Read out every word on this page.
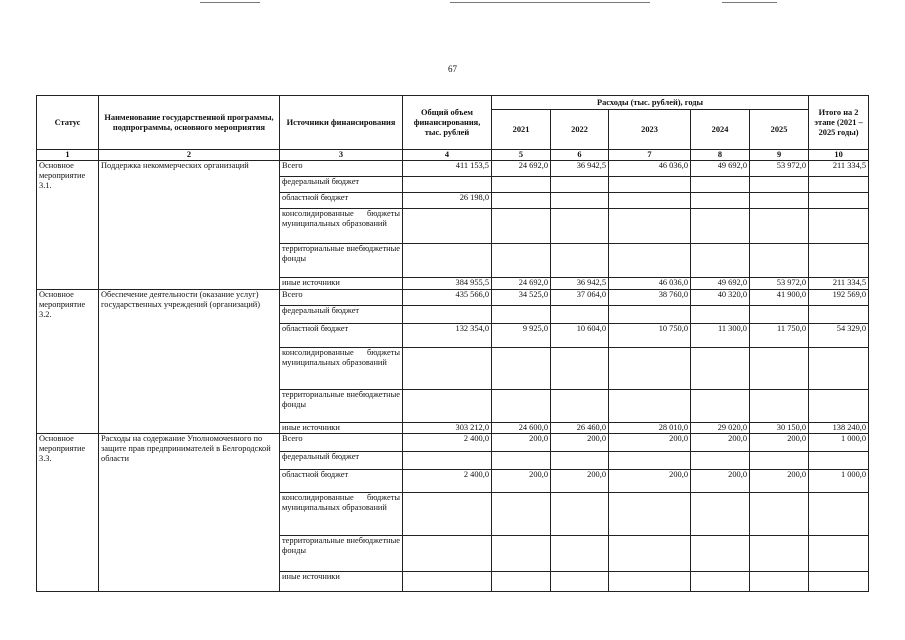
67
Статус	Наименование государственной программы, подпрограммы, основного мероприятия	Источники финансирования	Общий объем финансирования, тыс. рублей	Расходы (тыс. рублей), годы					Итого на 2 этапе (2021 – 2025 годы)
				2021	2022	2023	2024	2025	
1	2	3	4	5	6	7	8	9	10
Основное мероприятие 3.1.	Поддержка некоммерческих организаций	Всего	411 153,5	24 692,0	36 942,5	46 036,0	49 692,0	53 972,0	211 334,5
		федеральный бюджет							
		областной бюджет	26 198,0						
		консолидированные бюджеты муниципальных образований							
		территориальные внебюджетные фонды							
		иные источники	384 955,5	24 692,0	36 942,5	46 036,0	49 692,0	53 972,0	211 334,5
Основное мероприятие 3.2.	Обеспечение деятельности (оказание услуг) государственных учреждений (организаций)	Всего	435 566,0	34 525,0	37 064,0	38 760,0	40 320,0	41 900,0	192 569,0
		федеральный бюджет							
		областной бюджет	132 354,0	9 925,0	10 604,0	10 750,0	11 300,0	11 750,0	54 329,0
		консолидированные бюджеты муниципальных образований							
		территориальные внебюджетные фонды							
		иные источники	303 212,0	24 600,0	26 460,0	28 010,0	29 020,0	30 150,0	138 240,0
Основное мероприятие 3.3.	Расходы на содержание Уполномоченного по защите прав предпринимателей в Белгородской области	Всего	2 400,0	200,0	200,0	200,0	200,0	200,0	1 000,0
		федеральный бюджет							
		областной бюджет	2 400,0	200,0	200,0	200,0	200,0	200,0	1 000,0
		консолидированные бюджеты муниципальных образований							
		территориальные внебюджетные фонды							
		иные источники							
